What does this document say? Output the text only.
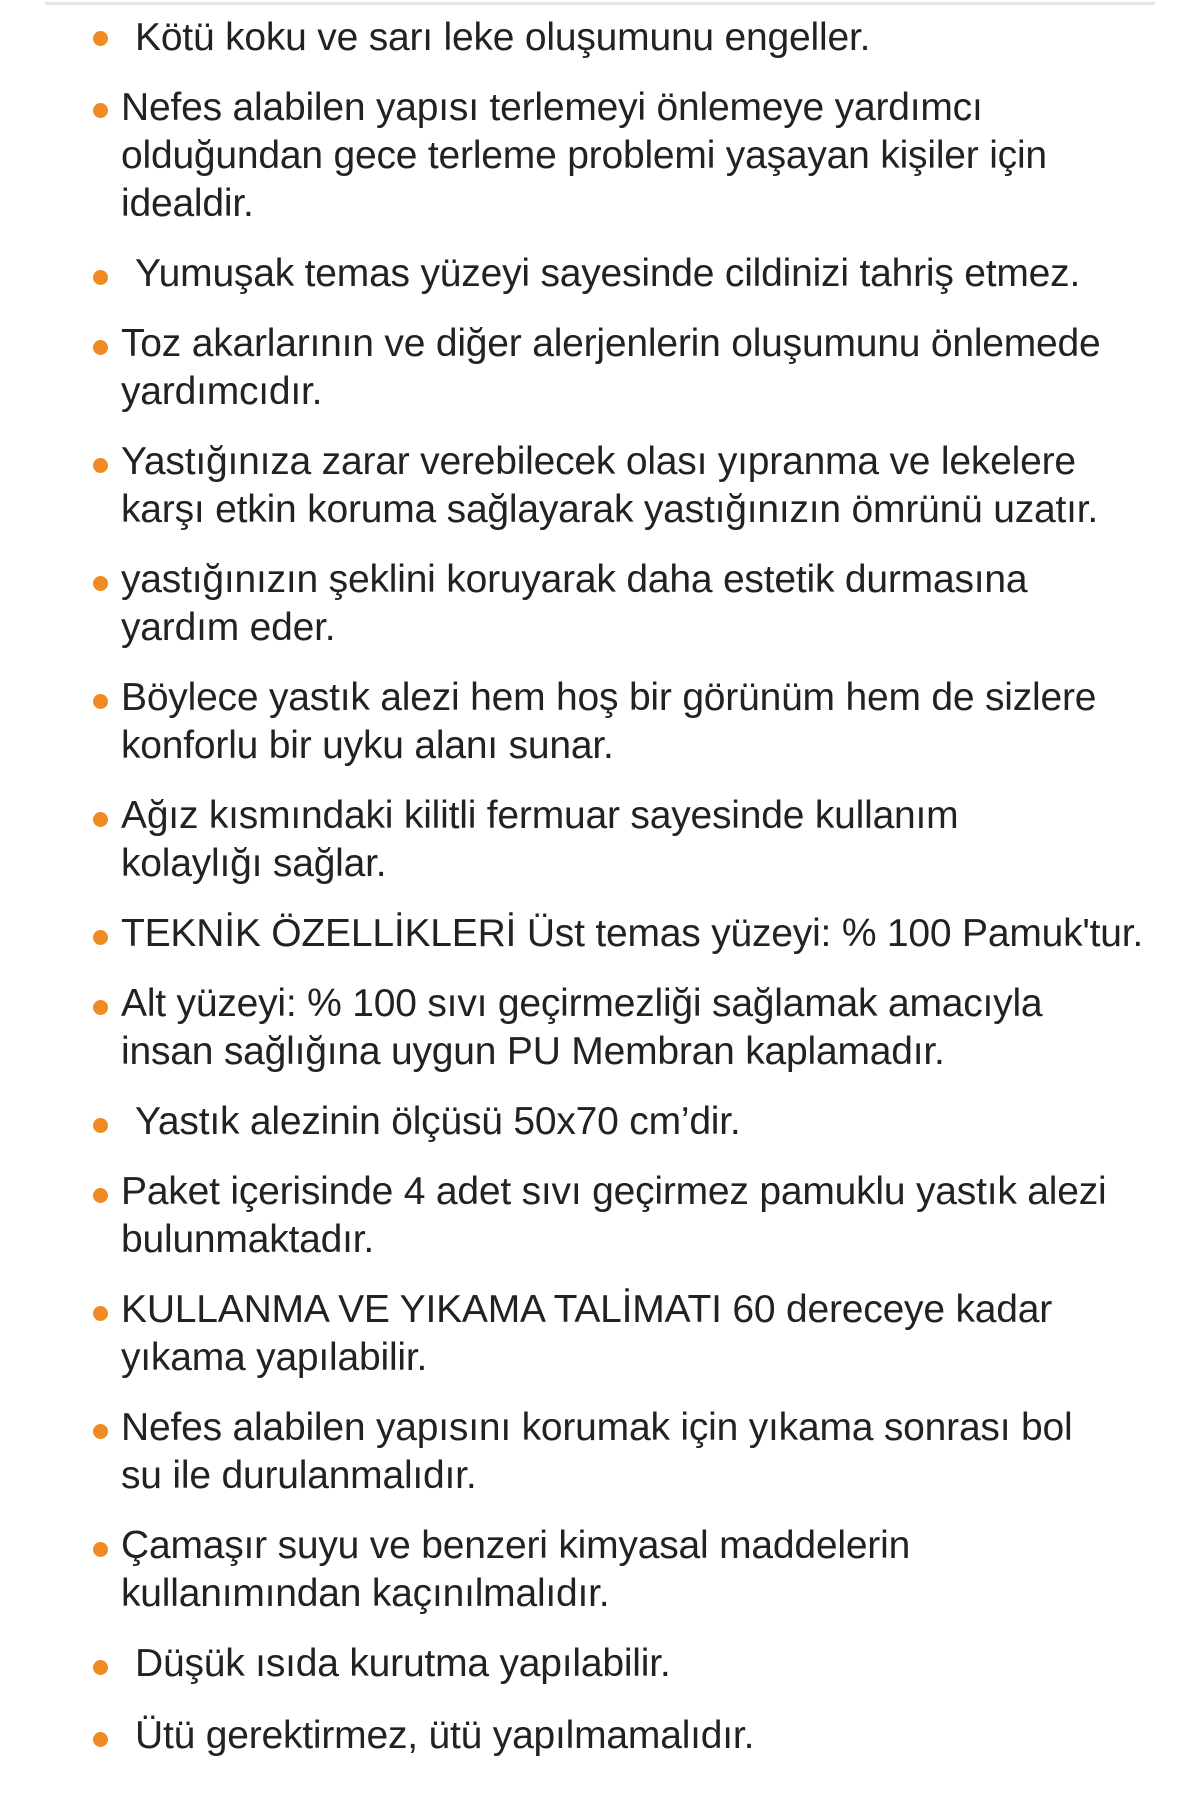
Kötü koku ve sarı leke oluşumunu engeller.
Nefes alabilen yapısı terlemeyi önlemeye yardımcı
olduğundan gece terleme problemi yaşayan kişiler için
idealdir.
Yumuşak temas yüzeyi sayesinde cildinizi tahriş etmez.
Toz akarlarının ve diğer alerjenlerin oluşumunu önlemede
yardımcıdır.
Yastığınıza zarar verebilecek olası yıpranma ve lekelere
karşı etkin koruma sağlayarak yastığınızın ömrünü uzatır.
yastığınızın şeklini koruyarak daha estetik durmasına
yardım eder.
Böylece yastık alezi hem hoş bir görünüm hem de sizlere
konforlu bir uyku alanı sunar.
Ağız kısmındaki kilitli fermuar sayesinde kullanım
kolaylığı sağlar.
TEKNİK ÖZELLİKLERİ Üst temas yüzeyi: % 100 Pamuk'tur.
Alt yüzeyi: % 100 sıvı geçirmezliği sağlamak amacıyla
insan sağlığına uygun PU Membran kaplamadır.
Yastık alezinin ölçüsü 50x70 cm’dir.
Paket içerisinde 4 adet sıvı geçirmez pamuklu yastık alezi
bulunmaktadır.
KULLANMA VE YIKAMA TALİMATI 60 dereceye kadar
yıkama yapılabilir.
Nefes alabilen yapısını korumak için yıkama sonrası bol
su ile durulanmalıdır.
Çamaşır suyu ve benzeri kimyasal maddelerin
kullanımından kaçınılmalıdır.
Düşük ısıda kurutma yapılabilir.
Ütü gerektirmez, ütü yapılmamalıdır.
